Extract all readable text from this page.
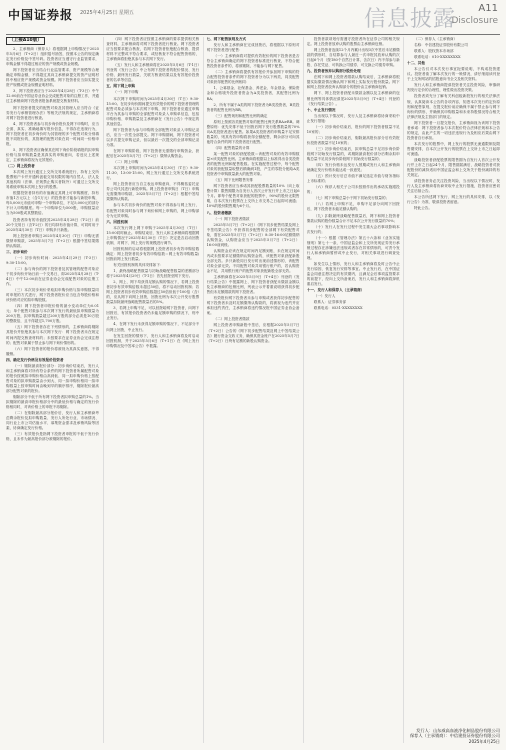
中国证券报 2025年4月25日 星期五	信息披露 A11
Disclosure
（上接A10版）

2、主承销商（保荐人）将根据网上申购情况于2025年5月6日（T+2日）组织摇号抽签，按照本公告的规定确定发行价格及中签号码。投资者应当遵守行业监管要求，申购金额不得超过相应的资产规模或资金规模。

网下投资者应当结合行业监管要求、资产规模等合理确定申购金额，不得超过其向主承销商提交的资产证明材料中相应资产规模或资金规模。网下投资者应当如实提交资产规模或资金规模证明材料。

3、网下投资者应当于2025年4月28日（T-3日）中午12:00前在中国证券业协会完成配售对象的注册工作，并通过主承销商网下投资者报备系统提交核查材料。

网下投资者提交的配售对象及其管理人应当符合《证券发行与承销管理办法》等相关法规的规定，主承销商将对网下投资者进行核查。

4、网下投资者参与初步询价报价及网下申购时，应当全面、真实、准确地填写报价信息，不得存在违规行为，网下投资者在初步询价时为其管理的多个配售对象分别填报不同报价的，其管理的配售对象在同一时间同一价格申报。

5、网下投资者应确保其在网下询价阶段填报的拟申购价格与拟申购数量是其真实的申购意向，若违反上述规定，主承销商将视为无效报价。

（二）网上投资者

本次网上发行通过上交所交易系统进行，持有上交所股票账户卡并开通科创板交易权限的境内自然人、法人及其他机构（法律、法规禁止购买者除外）可通过上交所交易系统申购本次网上发行的股票。

根据投资者持有的市值确定其网上可申购额度，持有市值1万元以上（含1万元）的投资者才能参与新股申购，每5,000元市值可申购一个申购单位，不足5,000元的部分不计入申购额度。每一个申购单位为500股，申购数量应当为500股或其整数倍。

投资者持有的市值按其2025年4月28日（T-2日）前20个交易日（含T-2日）的日均持有市值计算，可同时用于2025年4月30日（T日）申购多只新股。

网上投资者申购日2025年4月30日（T日）申购无需缴纳申购款，2025年5月7日（T+2日）根据中签结果缴纳认购款。

三、初步询价

（一）初步询价时间：2025年4月29日（T-3日）9:30-15:00。

（二）参与询价的网下投资者及其管理的配售对象应于初步询价开始日前一个交易日，即2025年4月28日（T-4日）中午12:00前在证券业协会完成配售对象的注册工作。

（三）本次初步询价采取拟申购价格与拟申购数量同时申报的方式进行，网下投资者报价应当包含每股价格和该价格对应的拟申购股数。

（四）网下投资者申报价格的最小变动单位为0.01元；单个配售对象参与本次网下发行的最低拟申购数量为200万股，拟申购数量超过200万股的部分必须是10万股的整数倍，且不得超过1,700万股。

（五）网下投资者存在下列情形的，主承销商将剔除其报价并拒绝其参与本次网下发行：网下投资者未在规定时间内提交核查材料的；未按要求在证券业协会完成注册的；配售对象属于禁止参与网下询价情形的。

（六）网下投资者的报价将被视为其真实意愿，不得撤销。

四、确定发行价格及有效报价投资者

（一）剔除最高报价部分：初步询价结束后，发行人和主承销商将对所有符合条件的网下投资者所属配售对象的报价按照拟申购价格由高到低、同一拟申购价格上按配售对象的拟申购数量由小到大、同一拟申购价格同一拟申购数量上按申购时间由晚到早的顺序排序，剔除报价最高部分配售对象的报价。

剔除部分不低于所有网下投资者拟申购总量的1%。当拟剔除的最高申报价格部分中的最低价格与确定的发行价格相同时，对该价格上的申报不再剔除。

（二）在剔除最高部分报价后，发行人和主承销商考虑剩余报价及拟申购数量、发行人所处行业、市场情况、同行业上市公司估值水平、募集资金需求及承销风险等因素，协商确定发行价格。

（三）有效报价是指网下投资者申报的不低于发行价格，且未作为最高报价部分被剔除的报价。

（四）网下投资者应按照主承销商的要求提供相关核查材料，主承销商将对网下投资者进行核查。网下投资者应当按要求配合核查，若网下投资者拒绝配合核查、提供材料不完整或不符合要求，或经核查不符合配售资格的，主承销商将拒绝其参与本次网下发行。

（五）发行人和主承销商将在2025年5月6日（T-1日）刊登的《发行公告》中公布网下投资者的报价情况、发行价格、最终发行数量、关联方核查结果以及有效报价投资者的名单等信息。

五、网下网上申购

（一）网下申购

本次网下申购时间为2025年4月30日（T日）9:30-15:00。在初步询价期间提交有效报价的网下投资者管理的配售对象必须参与本次网下申购，网下投资者应通过申购平台为其参与申购的全部配售对象录入申购单信息，包括申购价格、申购数量及主承销商在《发行公告》中规定的其他信息。

网下投资者为参与申购的全部配售对象录入申购记录后，应当一次性全部提交。网下申购期间，网下投资者可以多次提交申购记录，但以最后一次提交的全部申购记录为准。

在网下申购阶段，网下投资者无需缴付申购资金，获配后在2025年5月7日（T+2日）缴纳认购资金。

（二）网上申购

本次网上申购时间为2025年4月30日（T日）9:30-11:30、13:00-15:00。网上发行通过上交所交易系统进行。

网上投资者应当自主表达申购意向，不得概括委托证券公司代其进行新股申购。网上投资者申购日（T日）申购无需缴纳申购款，2025年5月7日（T+2日）根据中签结果缴纳认购款。

参与本次初步询价的配售对象不得再参与网上发行，若配售对象同时参与网下询价和网上申购的，网上申购部分为无效申购。

六、回拨机制

本次发行网上网下申购于2025年4月30日（T日）15:00同时截止。申购结束后，发行人和主承销商将根据网上申购情况于2025年4月30日（T日）决定是否启动回拨机制，对网下、网上发行的规模进行调节。

回拨机制的启动将根据网上投资者初步有效申购倍数确定：网上投资者初步有效申购倍数＝网上有效申购数量/回拨前网上发行数量。

有关回拨机制的具体安排如下：

1、最终战略配售数量与初始战略配售数量的差额部分将于2025年4月29日（T-1日）首先回拨至网下发行。

2、网上、网下均获得足额认购的情况下，若网上投资者初步有效申购倍数未超过50倍，将不启动回拨机制；若网上投资者初步有效申购倍数超过50倍但低于100倍（含）的，应从网下向网上回拨，回拨比例为本次公开发行股票数量扣除最终战略配售数量后的5%。

3、若网上申购不足，可以回拨给网下投资者，向网下回拨后，有效报价投资者仍未能足额申购的情况下，则中止发行。

4、在网下发行未获得足额申购的情况下，不足部分不向网上回拨，中止发行。

在发生回拨的情形下，发行人和主承销商将及时启动回拨机制，并于2025年5月6日（T+1日）在《网上发行申购情况及中签率公告》中披露。

七、网下配售原则及方式

发行人和主承销商在完成回拨后，将根据以下原则对网下投资者进行配售：

（一）主承销商将对提供有效报价的网下投资者是否符合主承销商确定的网下投资者标准进行核查，不符合配售投资者条件的，将被剔除，不能参与网下配售。

（二）主承销商将提供有效报价并参加网下申购的符合配售投资者条件的网下投资者分为以下两类，同类配售对象获得配售的比例相同：

1、公募基金、社保基金、养老金、年金基金、保险资金和合格境外投资者资金为A类投资者，其配售比例为RA；

2、所有不属于A类的网下投资者为B类投资者，B类投资者的配售比例为RB。

（三）配售规则和配售比例的确定

原则上按照各类配售对象的配售比例关系RA≥RB。调整原则：优先安排不低于回拨后网下发行股票数量的70%向A类投资者进行配售。如果A类投资者的申购量不足安排数量的，则其有效申购将获得全额配售，剩余部分可向其他符合条件的网下投资者进行配售。

（四）配售数量的计算

某一配售对象的获配股数＝该配售对象的有效申购数量×该类配售比例。主承销商将根据以上标准得出各类投资者的配售比例和配售股数。在实施配售过程中，每个配售对象的获配数量取整后精确到1股，产生的零股分配给A类投资者中申购数量最大的配售对象。

（五）网下比例限售安排

网下投资者应当承诺其获配股票数量的10%（向上取整计算）限售期限为自发行人首次公开发行并上市之日起6个月。即每个配售对象获配的股票中，90%的股份无限售期，自本次发行股票在上交所上市交易之日起即可流通；10%的股份限售期为6个月。

八、投资者缴款

（一）网下投资者缴款

2025年5月7日（T+2日）《网下初步配售结果及网上中签结果公告》中获得初步配售的全部网下有效配售对象，需在2025年5月7日（T+2日）8:30-16:00足额缴纳认购资金，认购资金应当于2025年5月7日（T+2日）16:00前到账。

认购资金应该在规定时间内足额到账，未在规定时间内或未按要求足额缴纳认购资金的，该配售对象获配新股全部无效。多只新股同日发行时出现前述情形的，该配售对象全部无效。不同配售对象共用银行账户的，若认购资金不足，共用银行账户的配售对象获配新股全部无效。

主承销商将在2025年5月9日（T+4日）刊登的《发行结果公告》中披露网上、网下投资者获配未缴款金额以及主承销商的包销比例，列表公示并着重说明获得初步配售但未足额缴款的网下投资者。

有效报价网下投资者未参与申购或者获得初步配售的网下投资者未及时足额缴纳认购款的，将被视为违约并应承担违约责任，主承销商将违约情况报中国证券业协会备案。

（二）网上投资者缴款

网上投资者申购新股中签后，应根据2025年5月7日（T+2日）公告的《网下初步配售结果及网上中签结果公告》履行资金交收义务，确保其资金账户在2025年5月7日（T+2日）日终有足额的新股认购资金。

投资者款项划付需遵守投资者所在证券公司的相关规定。网上投资者放弃认购的股票由主承销商包销。

网上投资者连续12个月内累计出现3次中签后未足额缴款的情形时，自结算参与人最近一次申报其放弃认购的次日起6个月（按180个自然日计算，含次日）内不得参与新股、存托凭证、可转换公司债券、可交换公司债券申购。

九、投资者放弃认购部分股份处理

在网下和网上投资者缴款认购结束后，主承销商将根据实际缴款情况确认网下和网上实际发行股份数量。网下和网上投资者放弃认购部分的股份由主承销商包销。

网下、网上投资者获配未缴款金额以及主承销商的包销比例等具体情况请见2025年5月9日（T+4日）刊登的《发行结果公告》。

十、中止发行情况

当出现以下情况时，发行人及主承销商将协商采取中止发行措施：

（一）初步询价结束后，报价的网下投资者数量不足10家的；

（二）初步询价结束后，剔除最高报价部分后有效报价投资者数量不足10家的；

（三）初步询价结束后，拟申购总量不足初步询价阶段网下初始发行数量的，或剔除最高报价部分后剩余拟申购总量不足初步询价阶段网下初始发行数量的；

（四）发行价格未达发行人预期或发行人和主承销商就确定发行价格未能达成一致意见；

（五）预计发行后总市值不满足选定市值与财务指标上市标准的；

（六）保荐人相关子公司未按照作出的承诺实施跟投的；

（七）网下申购总量小于网下初始发行数量的；

（八）若网上申购不足，申购不足部分向网下回拨后，网下投资者未能足额认购的；

（九）扣除最终战略配售数量后，网下和网上投资者缴款认购的股份数量合计不足本次公开发行数量的70%；

（十）发行人在发行过程中发生重大会后事项影响本次发行的；

（十一）根据《管理办法》第五十六条和《业务实施细则》第七十一条，中国证监会和上交所发现证券发行承销过程存在涉嫌违法违规或者存在异常情形的，可责令发行人和承销商暂停或中止发行，对相关事项进行调查处理。

如发生以上情形，发行人和主承销商将及时公告中止发行原因、恢复发行安排等事宜。中止发行后，在中国证监会同意注册决定的有效期内，且满足会后事项监管要求的前提下，经向上交所备案后，发行人和主承销商将择机重启发行。

十一、发行人和保荐人（主承销商）

（一）发行人

联系人：证券事务部

联系电话：0531-XXXXXXXX

（二）保荐人（主承销商）

名称：中信建投证券股份有限公司

联系人：股权资本市场部

联系电话：010-XXXXXXXX

十二、其他

本公告仅对本次发行事宜扼要说明，不构成投资建议。投资者欲了解本次发行的一般情况，请仔细阅读刊登于上交所网站的招股意向书全文及相关资料。

发行人和主承销商提请投资者关注投资风险，审慎研判发行定价的合理性，理性做出投资决策。

投资者须充分了解有关科创板新股发行的相关法律法规，认真阅读本公告的各项内容，知悉本次发行的定价原则和配售原则，在提交报价前应确保不属于禁止参与网下询价的情形，并确保其申购数量和未来持股情况符合相关法律法规及主管部门的规定。

网下投资者一旦提交报价，主承销商视为该网下投资者承诺：网下投资者参与本次报价符合法律法规和本公告的规定，由此产生的一切违法违规行为及相应后果由网下投资者自行承担。

本次发行的股票中，网上发行的股票无流通限制及限售期安排，自本次公开发行的股票在上交所上市之日起即可流通。

战略投资者获配股票的限售期为自发行人首次公开发行并上市之日起24个月，限售期届满后，战略投资者对获配股份的减持适用中国证监会和上交所关于股份减持的有关规定。

请投资者务必关注投资风险，当出现以下情况时，发行人及主承销商将协商采取中止发行措施，投资者应密切关注后续公告。

本公告所述网下发行、网上发行的具体安排，以《发行公告》为准，敬请投资者留意。

特此公告。

发行人：山东威高血液净化制品股份有限公司
保荐人（主承销商）：中信建投证券股份有限公司
2025年4月25日
